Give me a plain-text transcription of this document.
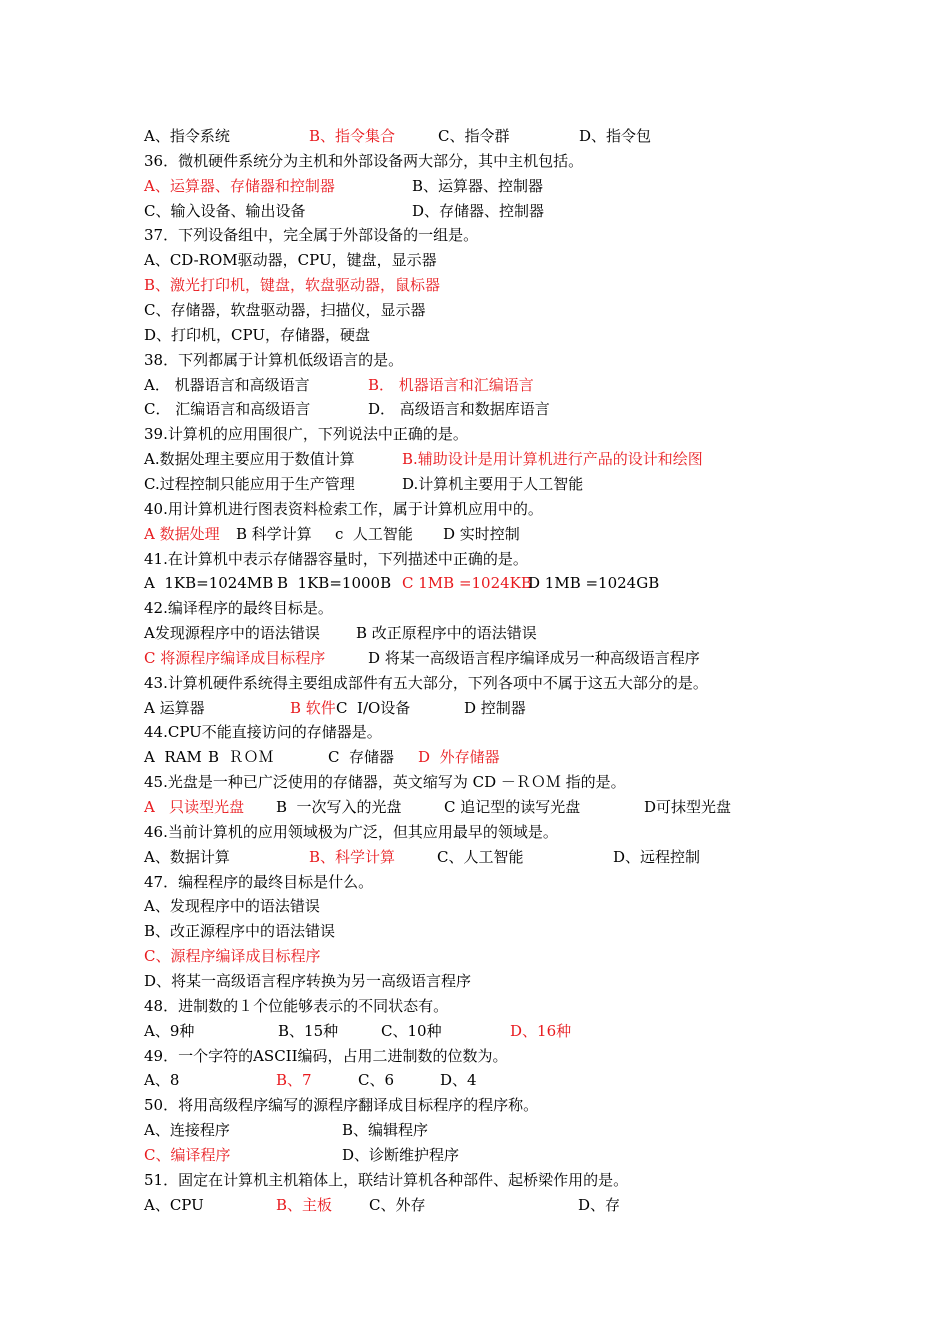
A、指令系统	B、指令集合	C、指令群	D、指令包
36．微机硬件系统分为主机和外部设备两大部分，其中主机包括。
A、运算器、存储器和控制器	B、运算器、控制器
C、输入设备、输出设备	D、存储器、控制器
37．下列设备组中，完全属于外部设备的一组是。
A、CD-ROM驱动器，CPU，键盘，显示器
B、激光打印机，键盘，软盘驱动器，鼠标器
C、存储器，软盘驱动器，扫描仪，显示器
D、打印机，CPU，存储器，硬盘
38．下列都属于计算机低级语言的是。
A． 机器语言和高级语言	B． 机器语言和汇编语言
C． 汇编语言和高级语言	D． 高级语言和数据库语言
39.计算机的应用围很广，下列说法中正确的是。
A.数据处理主要应用于数值计算	B.辅助设计是用计算机进行产品的设计和绘图
C.过程控制只能应用于生产管理	D.计算机主要用于人工智能
40.用计算机进行图表资料检索工作，属于计算机应用中的。
A 数据处理 B 科学计算 c  人工智能 D 实时控制
41.在计算机中表示存储器容量时，下列描述中正确的是。
A  1KB=1024MB B  1KB=1000B C 1MB =1024KB
D 1MB =1024GB
42.编译程序的最终目标是。
A发现源程序中的语法错误 B 改正原程序中的语法错误
C 将源程序编译成目标程序	D 将某一高级语言程序编译成另一种高级语言程序
43.计算机硬件系统得主要组成部件有五大部分，下列各项中不属于这五大部分的是。
A 运算器	B 软件 C  I/O设备	D 控制器
44.CPU不能直接访问的存储器是。
A  RAM B  ＲＯＭ	C  存储器 D  外存储器
45.光盘是一种已广泛使用的存储器，英文缩写为 CD －ＲＯＭ 指的是。
A   只读型光盘 B  一次写入的光盘	C 追记型的读写光盘	D可抹型光盘
46.当前计算机的应用领域极为广泛，但其应用最早的领域是。
A、数据计算	B、科学计算	C、人工智能	D、远程控制
47．编程程序的最终目标是什么。
A、发现程序中的语法错误
B、改正源程序中的语法错误
C、源程序编译成目标程序
D、将某一高级语言程序转换为另一高级语言程序
48．进制数的１个位能够表示的不同状态有。
A、9种	B、15种	C、10种	D、16种
49．一个字符的ASCII编码，占用二进制数的位数为。
A、8	B、7	C、6	D、4
50．将用高级程序编写的源程序翻译成目标程序的程序称。
A、连接程序	B、编辑程序
C、编译程序	D、诊断维护程序
51．固定在计算机主机箱体上，联结计算机各种部件、起桥梁作用的是。
A、CPU	B、主板 C、外存	D、存
